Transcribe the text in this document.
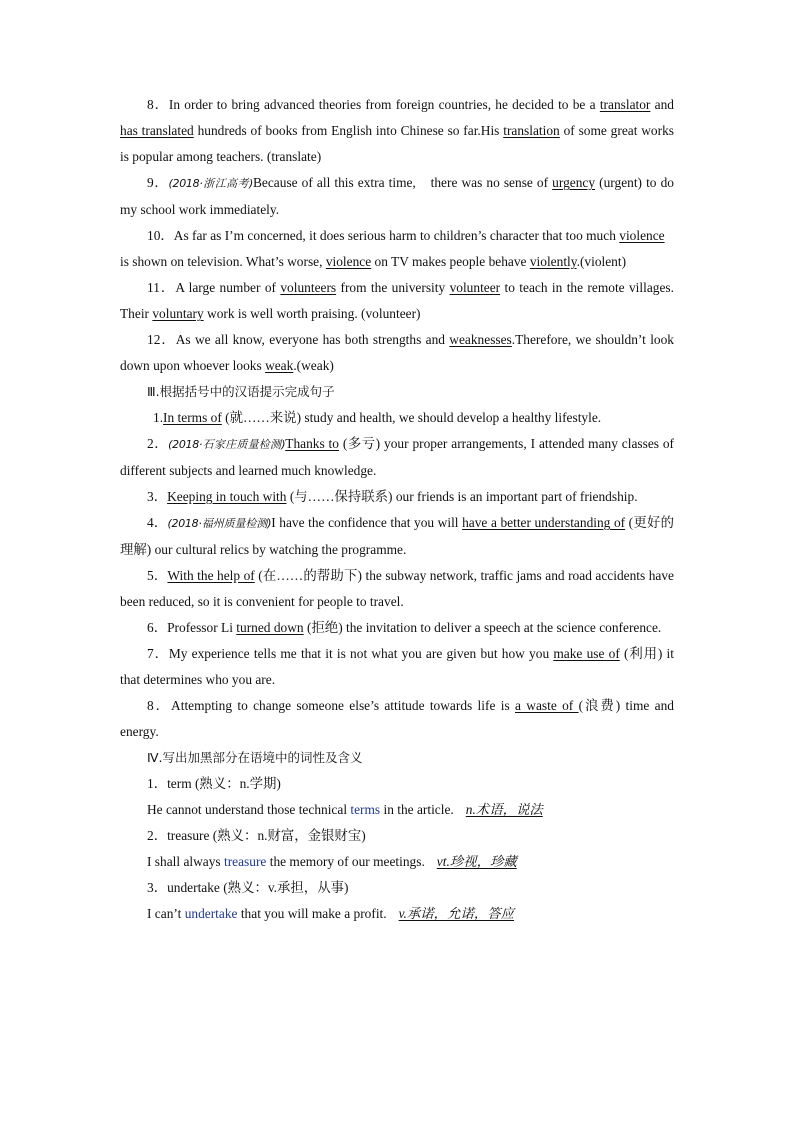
8．In order to bring advanced theories from foreign countries, he decided to be a translator and has translated hundreds of books from English into Chinese so far.His translation of some great works is popular among teachers. (translate)
9．(2018·浙江高考)Because of all this extra time,　there was no sense of urgency (urgent) to do my school work immediately.
10．As far as I’m concerned, it does serious harm to children’s character that too much violence　is shown on television. What’s worse, violence on TV makes people behave violently.(violent)
11．A large number of volunteers from the university volunteer to teach in the remote villages. Their voluntary work is well worth praising. (volunteer)
12．As we all know, everyone has both strengths and weaknesses.Therefore, we shouldn’t look down upon whoever looks weak.(weak)
Ⅲ.根据括号中的汉语提示完成句子
1.In terms of (就……来说) study and health, we should develop a healthy lifestyle.
2．(2018·石家庄质量检测)Thanks to (多亏) your proper arrangements, I attended many classes of different subjects and learned much knowledge.
3．Keeping in touch with (与……保持联系) our friends is an important part of friendship.
4．(2018·福州质量检测)I have the confidence that you will have a better understanding of (更好的理解) our cultural relics by watching the programme.
5．With the help of (在……的帮助下) the subway network, traffic jams and road accidents have been reduced, so it is convenient for people to travel.
6．Professor Li turned down (拒绝) the invitation to deliver a speech at the science conference.
7．My experience tells me that it is not what you are given but how you make use of (利用) it that determines who you are.
8．Attempting to change someone else’s attitude towards life is a waste of (浪费) time and energy.
Ⅳ.写出加黑部分在语境中的词性及含义
1．term (熟义：n.学期)
He cannot understand those technical terms in the article. n.术语，说法
2．treasure (熟义：n.财富，金银财宝)
I shall always treasure the memory of our meetings. vt.珍视，珍藏
3．undertake (熟义：v.承担，从事)
I can’t undertake that you will make a profit. v.承诺，允诺，答应
